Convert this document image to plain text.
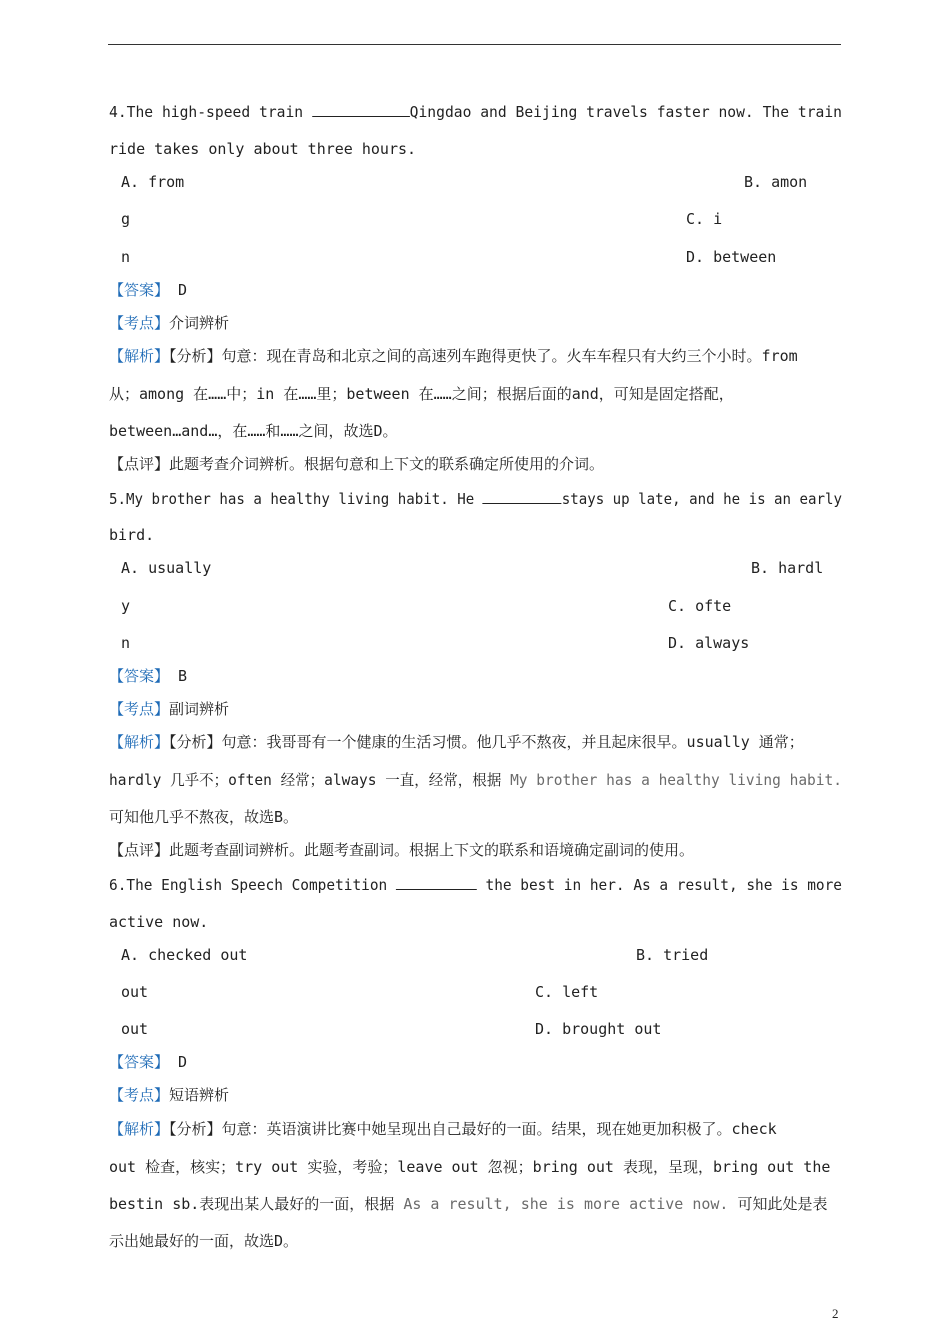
4.The high-speed train	Qingdao and Beijing travels faster now. The train
ride takes only about three hours.
A. from	B. amon
g	C. i
n	D. between
【答案】 D
【考点】介词辨析
【解析】【分析】句意：现在青岛和北京之间的高速列车跑得更快了。火车车程只有大约三个小时。from
从；among 在……中；in 在……里；between 在……之间；根据后面的and，可知是固定搭配，
between…and…，在……和……之间，故选D。
【点评】此题考查介词辨析。根据句意和上下文的联系确定所使用的介词。
5.My brother has a healthy living habit. He	stays up late, and he is an early
bird.
A. usually	B. hardl
y	C. ofte
n	D. always
【答案】 B
【考点】副词辨析
【解析】【分析】句意：我哥哥有一个健康的生活习惯。他几乎不熬夜，并且起床很早。usually 通常；
hardly 几乎不；often 经常；always 一直，经常，根据 My brother has a healthy living habit.
可知他几乎不熬夜，故选B。
【点评】此题考查副词辨析。此题考查副词。根据上下文的联系和语境确定副词的使用。
6.The English Speech Competition	the best in her. As a result, she is more
active now.
A. checked out	B. tried
out	C. left
out	D. brought out
【答案】 D
【考点】短语辨析
【解析】【分析】句意：英语演讲比赛中她呈现出自己最好的一面。结果，现在她更加积极了。check
out 检查，核实；try out 实验，考验；leave out 忽视；bring out 表现，呈现，bring out the
bestin sb.表现出某人最好的一面，根据 As a result, she is more active now. 可知此处是表
示出她最好的一面，故选D。
2
